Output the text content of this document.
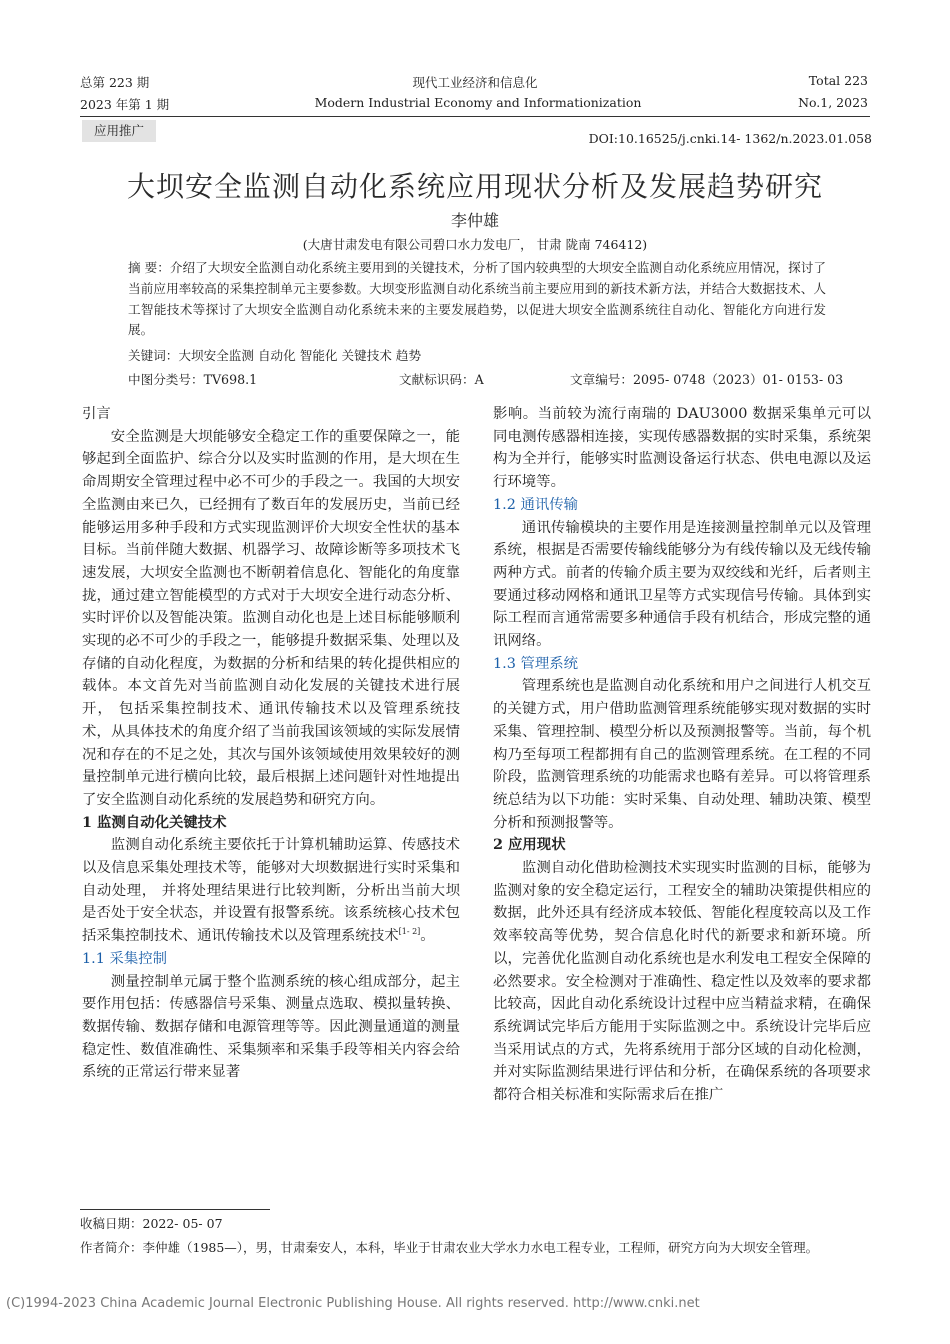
总第 223 期
2023 年第 1 期
现代工业经济和信息化
Modern Industrial Economy and Informationization
Total 223
No.1, 2023
应用推广
DOI:10.16525/j.cnki.14- 1362/n.2023.01.058
大坝安全监测自动化系统应用现状分析及发展趋势研究
李仲雄
(大唐甘肃发电有限公司碧口水力发电厂， 甘肃 陇南 746412)
摘 要：介绍了大坝安全监测自动化系统主要用到的关键技术，分析了国内较典型的大坝安全监测自动化系统应用情况，探讨了当前应用率较高的采集控制单元主要参数。大坝变形监测自动化系统当前主要应用到的新技术新方法，并结合大数据技术、人工智能技术等探讨了大坝安全监测自动化系统未来的主要发展趋势，以促进大坝安全监测系统往自动化、智能化方向进行发展。
关键词：大坝安全监测 自动化 智能化 关键技术 趋势
中图分类号：TV698.1	文献标识码：A	文章编号：2095- 0748（2023）01- 0153- 03
引言

安全监测是大坝能够安全稳定工作的重要保障之一，能够起到全面监护、综合分以及实时监测的作用，是大坝在生命周期安全管理过程中必不可少的手段之一。我国的大坝安全监测由来已久，已经拥有了数百年的发展历史，当前已经能够运用多种手段和方式实现监测评价大坝安全性状的基本目标。当前伴随大数据、机器学习、故障诊断等多项技术飞速发展，大坝安全监测也不断朝着信息化、智能化的角度靠拢，通过建立智能模型的方式对于大坝安全进行动态分析、实时评价以及智能决策。监测自动化也是上述目标能够顺利实现的必不可少的手段之一，能够提升数据采集、处理以及存储的自动化程度，为数据的分析和结果的转化提供相应的载体。本文首先对当前监测自动化发展的关键技术进行展开， 包括采集控制技术、通讯传输技术以及管理系统技术，从具体技术的角度介绍了当前我国该领域的实际发展情况和存在的不足之处，其次与国外该领域使用效果较好的测量控制单元进行横向比较，最后根据上述问题针对性地提出了安全监测自动化系统的发展趋势和研究方向。

1 监测自动化关键技术

监测自动化系统主要依托于计算机辅助运算、传感技术以及信息采集处理技术等，能够对大坝数据进行实时采集和自动处理， 并将处理结果进行比较判断，分析出当前大坝是否处于安全状态，并设置有报警系统。该系统核心技术包括采集控制技术、通讯传输技术以及管理系统技术[1- 2]。

1.1 采集控制

测量控制单元属于整个监测系统的核心组成部分，起主要作用包括：传感器信号采集、测量点选取、模拟量转换、数据传输、数据存储和电源管理等等。因此测量通道的测量稳定性、数值准确性、采集频率和采集手段等相关内容会给系统的正常运行带来显著

影响。当前较为流行南瑞的 DAU3000 数据采集单元可以同电测传感器相连接，实现传感器数据的实时采集，系统架构为全并行，能够实时监测设备运行状态、供电电源以及运行环境等。
1.2 通讯传输

通讯传输模块的主要作用是连接测量控制单元以及管理系统，根据是否需要传输线能够分为有线传输以及无线传输两种方式。前者的传输介质主要为双绞线和光纤，后者则主要通过移动网格和通讯卫星等方式实现信号传输。具体到实际工程而言通常需要多种通信手段有机结合，形成完整的通讯网络。

1.3 管理系统

管理系统也是监测自动化系统和用户之间进行人机交互的关键方式，用户借助监测管理系统能够实现对数据的实时采集、管理控制、模型分析以及预测报警等。当前，每个机构乃至每项工程都拥有自己的监测管理系统。在工程的不同阶段，监测管理系统的功能需求也略有差异。可以将管理系统总结为以下功能：实时采集、自动处理、辅助决策、模型分析和预测报警等。

2 应用现状

监测自动化借助检测技术实现实时监测的目标，能够为监测对象的安全稳定运行，工程安全的辅助决策提供相应的数据，此外还具有经济成本较低、智能化程度较高以及工作效率较高等优势，契合信息化时代的新要求和新环境。所以，完善优化监测自动化系统也是水利发电工程安全保障的必然要求。安全检测对于准确性、稳定性以及效率的要求都比较高，因此自动化系统设计过程中应当精益求精，在确保系统调试完毕后方能用于实际监测之中。系统设计完毕后应当采用试点的方式，先将系统用于部分区域的自动化检测，并对实际监测结果进行评估和分析，在确保系统的各项要求都符合相关标准和实际需求后在推广

收稿日期：2022- 05- 07
作者简介：李仲雄（1985—），男，甘肃秦安人，本科，毕业于甘肃农业大学水力水电工程专业，工程师，研究方向为大坝安全管理。
(C)1994-2023 China Academic Journal Electronic Publishing House. All rights reserved. http://www.cnki.net
